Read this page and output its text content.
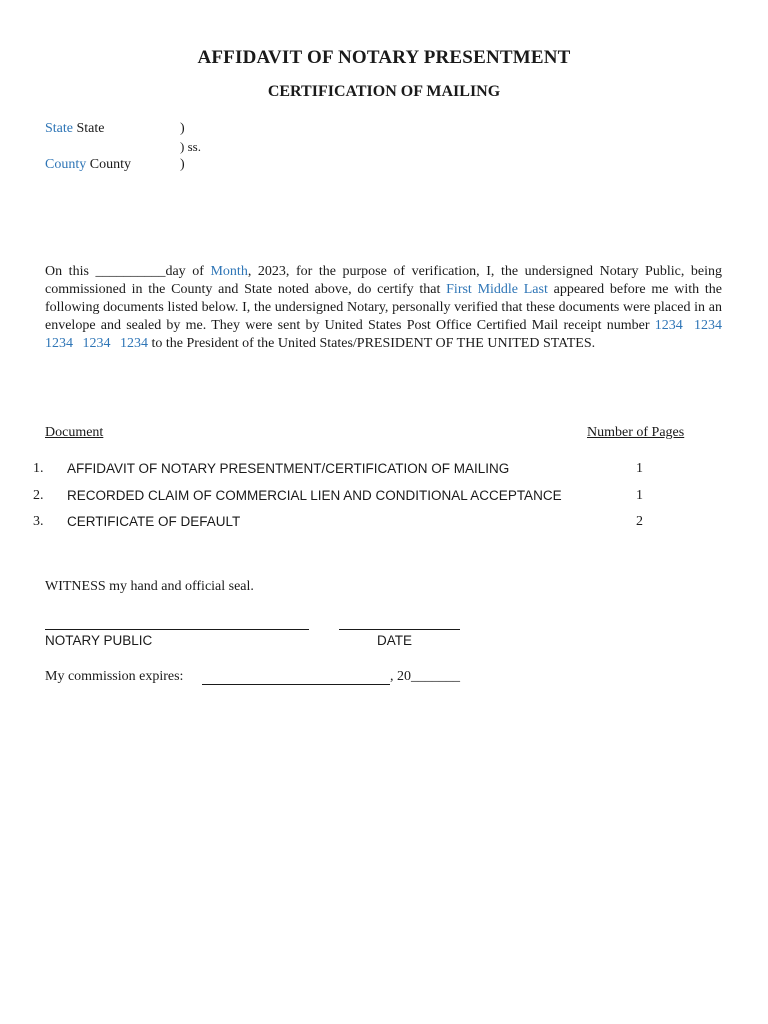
AFFIDAVIT OF NOTARY PRESENTMENT
CERTIFICATION OF MAILING
State State	)
) ss.
County County	)
On this __________day of Month, 2023, for the purpose of verification, I, the undersigned Notary Public, being commissioned in the County and State noted above, do certify that First Middle Last appeared before me with the following documents listed below. I, the undersigned Notary, personally verified that these documents were placed in an envelope and sealed by me. They were sent by United States Post Office Certified Mail receipt number 1234 1234 1234 1234 1234 to the President of the United States/PRESIDENT OF THE UNITED STATES.
Document	Number of Pages
1. AFFIDAVIT OF NOTARY PRESENTMENT/CERTIFICATION OF MAILING	1
2. RECORDED CLAIM OF COMMERCIAL LIEN AND CONDITIONAL ACCEPTANCE	1
3. CERTIFICATE OF DEFAULT	2
WITNESS my hand and official seal.
NOTARY PUBLIC	DATE
My commission expires:	, 20_______
